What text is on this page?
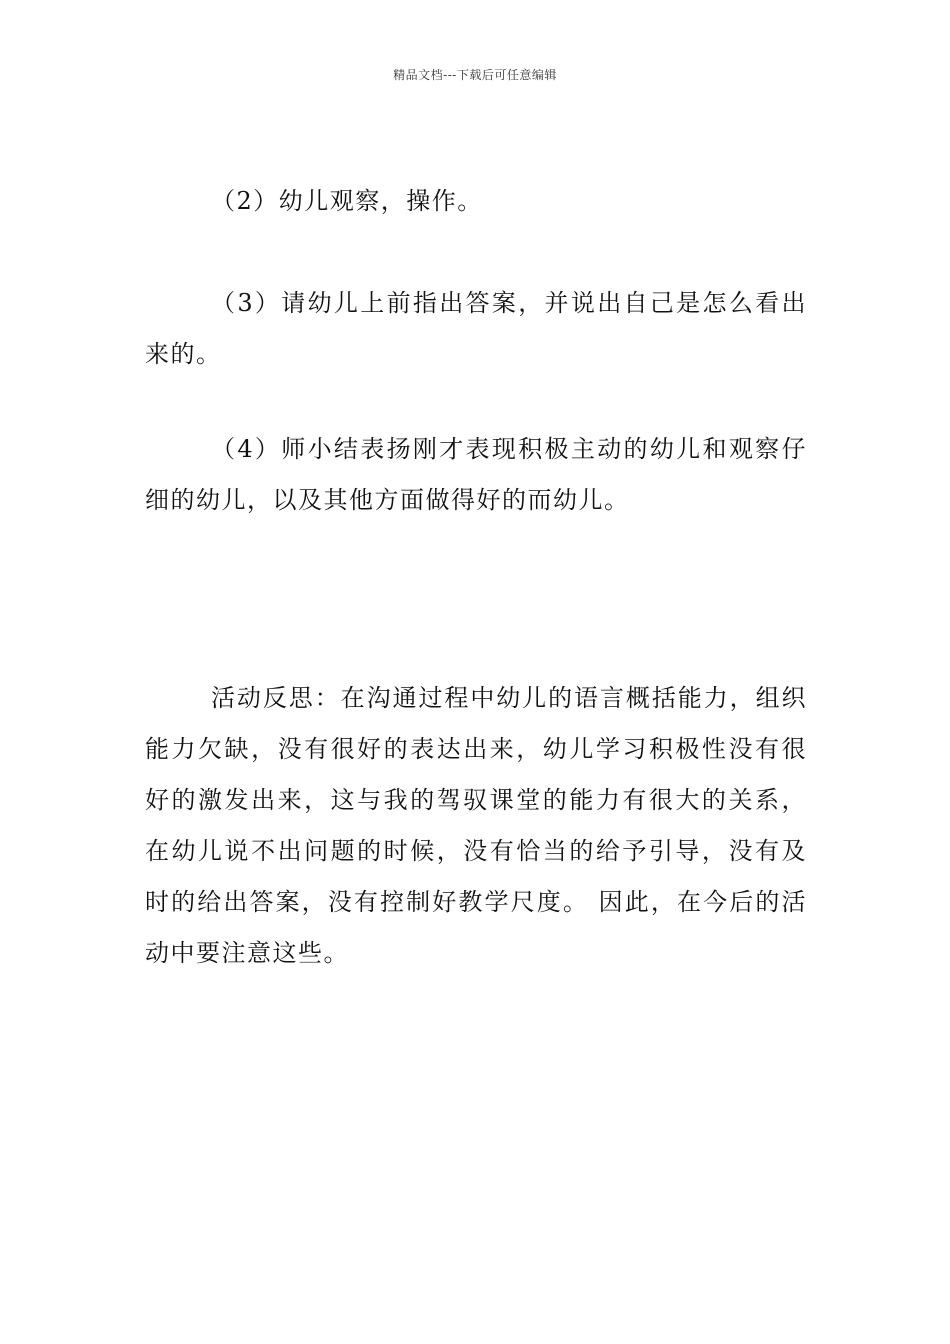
精品文档---下载后可任意编辑

（2）幼儿观察，操作。

（3）请幼儿上前指出答案，并说出自己是怎么看出来的。

（4）师小结表扬刚才表现积极主动的幼儿和观察仔细的幼儿，以及其他方面做得好的而幼儿。

活动反思：在沟通过程中幼儿的语言概括能力，组织能力欠缺，没有很好的表达出来，幼儿学习积极性没有很好的激发出来，这与我的驾驭课堂的能力有很大的关系，在幼儿说不出问题的时候，没有恰当的给予引导，没有及时的给出答案，没有控制好教学尺度。 因此，在今后的活动中要注意这些。
